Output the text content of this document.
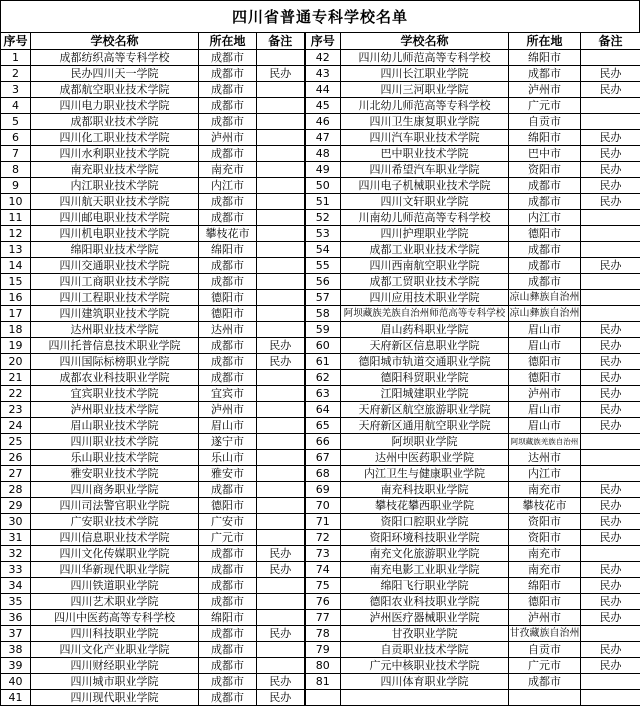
四川省普通专科学校名单
序号	学校名称	所在地	备注	序号	学校名称	所在地	备注
1	成都纺织高等专科学校	成都市		42	四川幼儿师范高等专科学校	绵阳市	
2	民办四川天一学院	成都市	民办	43	四川长江职业学院	成都市	民办
3	成都航空职业技术学院	成都市		44	四川三河职业学院	泸州市	民办
4	四川电力职业技术学院	成都市		45	川北幼儿师范高等专科学校	广元市	
5	成都职业技术学院	成都市		46	四川卫生康复职业学院	自贡市	
6	四川化工职业技术学院	泸州市		47	四川汽车职业技术学院	绵阳市	民办
7	四川水利职业技术学院	成都市		48	巴中职业技术学院	巴中市	民办
8	南充职业技术学院	南充市		49	四川希望汽车职业学院	资阳市	民办
9	内江职业技术学院	内江市		50	四川电子机械职业技术学院	成都市	民办
10	四川航天职业技术学院	成都市		51	四川文轩职业学院	成都市	民办
11	四川邮电职业技术学院	成都市		52	川南幼儿师范高等专科学校	内江市	
12	四川机电职业技术学院	攀枝花市		53	四川护理职业学院	德阳市	
13	绵阳职业技术学院	绵阳市		54	成都工业职业技术学院	成都市	
14	四川交通职业技术学院	成都市		55	四川西南航空职业学院	成都市	民办
15	四川工商职业技术学院	成都市		56	成都工贸职业技术学院	成都市	
16	四川工程职业技术学院	德阳市		57	四川应用技术职业学院	凉山彝族自治州	
17	四川建筑职业技术学院	德阳市		58	阿坝藏族羌族自治州师范高等专科学校	凉山彝族自治州	
18	达州职业技术学院	达州市		59	眉山药科职业学院	眉山市	民办
19	四川托普信息技术职业学院	成都市	民办	60	天府新区信息职业学院	眉山市	民办
20	四川国际标榜职业学院	成都市	民办	61	德阳城市轨道交通职业学院	德阳市	民办
21	成都农业科技职业学院	成都市		62	德阳科贸职业学院	德阳市	民办
22	宜宾职业技术学院	宜宾市		63	江阳城建职业学院	泸州市	民办
23	泸州职业技术学院	泸州市		64	天府新区航空旅游职业学院	眉山市	民办
24	眉山职业技术学院	眉山市		65	天府新区通用航空职业学院	眉山市	民办
25	四川职业技术学院	遂宁市		66	阿坝职业学院	阿坝藏族羌族自治州	
26	乐山职业技术学院	乐山市		67	达州中医药职业学院	达州市	
27	雅安职业技术学院	雅安市		68	内江卫生与健康职业学院	内江市	
28	四川商务职业学院	成都市		69	南充科技职业学院	南充市	民办
29	四川司法警官职业学院	德阳市		70	攀枝花攀西职业学院	攀枝花市	民办
30	广安职业技术学院	广安市		71	资阳口腔职业学院	资阳市	民办
31	四川信息职业技术学院	广元市		72	资阳环境科技职业学院	资阳市	民办
32	四川文化传媒职业学院	成都市	民办	73	南充文化旅游职业学院	南充市	
33	四川华新现代职业学院	成都市	民办	74	南充电影工业职业学院	南充市	民办
34	四川铁道职业学院	成都市		75	绵阳飞行职业学院	绵阳市	民办
35	四川艺术职业学院	成都市		76	德阳农业科技职业学院	德阳市	民办
36	四川中医药高等专科学校	绵阳市		77	泸州医疗器械职业学院	泸州市	民办
37	四川科技职业学院	成都市	民办	78	甘孜职业学院	甘孜藏族自治州	
38	四川文化产业职业学院	成都市		79	自贡职业技术学院	自贡市	民办
39	四川财经职业学院	成都市		80	广元中核职业技术学院	广元市	民办
40	四川城市职业学院	成都市	民办	81	四川体育职业学院	成都市	
41	四川现代职业学院	成都市	民办				
